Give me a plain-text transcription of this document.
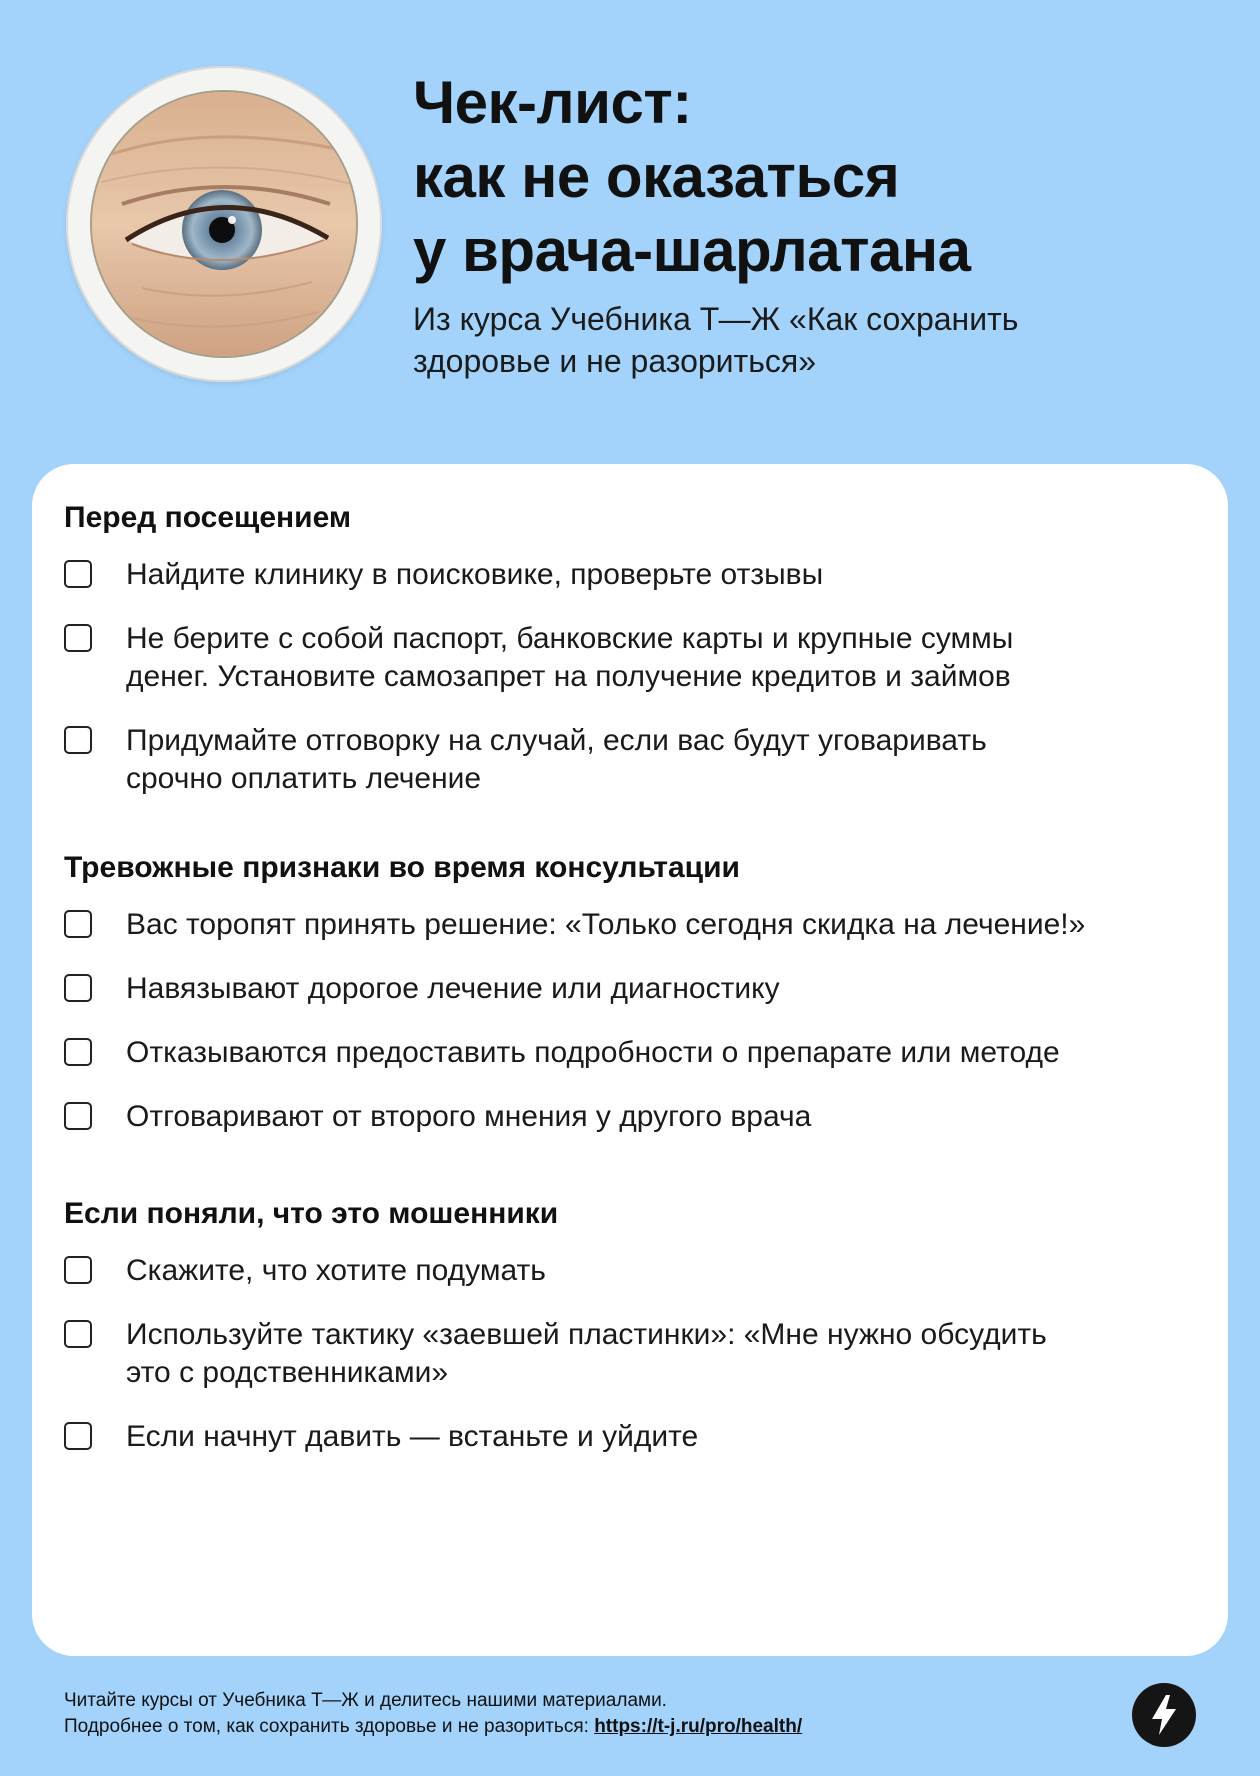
Чек-лист:
как не оказаться
у врача-шарлатана
Из курса Учебника Т—Ж «Как сохранить
здоровье и не разориться»
Перед посещением
Найдите клинику в поисковике, проверьте отзывы
Не берите с собой паспорт, банковские карты и крупные суммы
денег. Установите самозапрет на получение кредитов и займов
Придумайте отговорку на случай, если вас будут уговаривать
срочно оплатить лечение
Тревожные признаки во время консультации
Вас торопят принять решение: «Только сегодня скидка на лечение!»
Навязывают дорогое лечение или диагностику
Отказываются предоставить подробности о препарате или методе
Отговаривают от второго мнения у другого врача
Если поняли, что это мошенники
Скажите, что хотите подумать
Используйте тактику «заевшей пластинки»: «Мне нужно обсудить
это с родственниками»
Если начнут давить — встаньте и уйдите
Читайте курсы от Учебника Т—Ж и делитесь нашими материалами.
Подробнее о том, как сохранить здоровье и не разориться: https://t-j.ru/pro/health/
